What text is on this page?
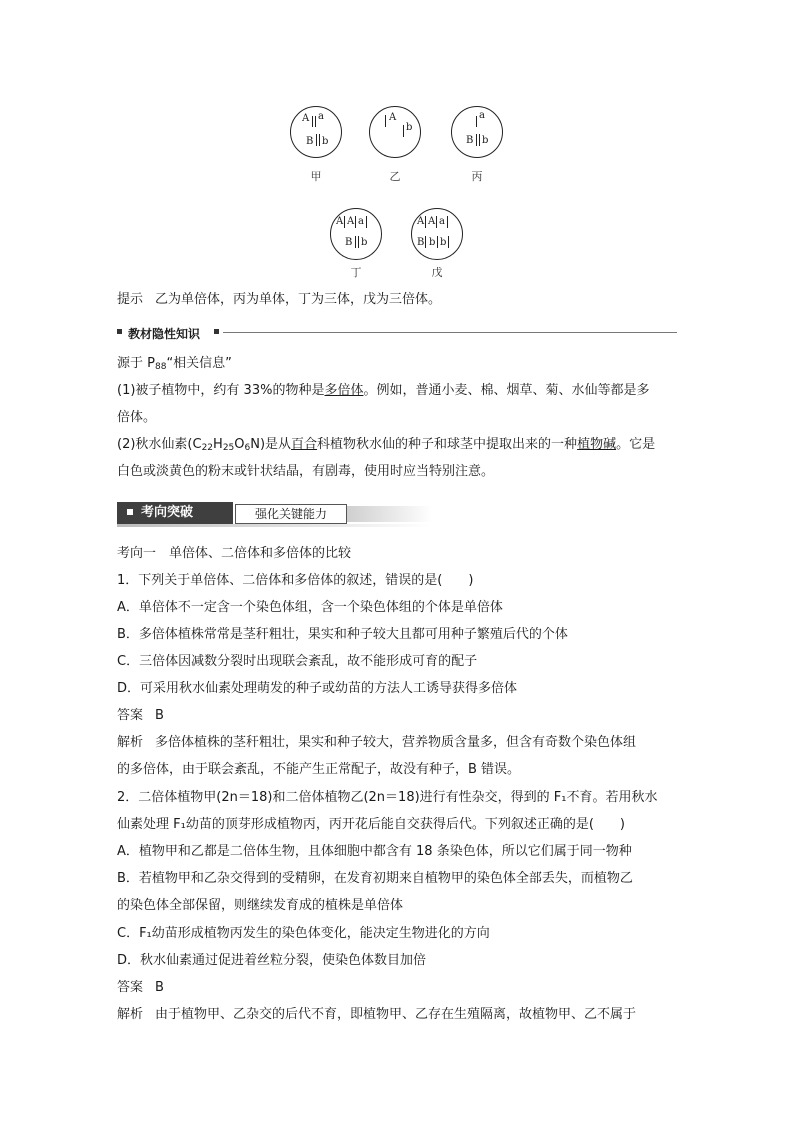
A a
B b
甲
A
b
乙
a
B b
丙
A A a
B b
丁
A A a
B b b
戊
提示 乙为单倍体，丙为单体，丁为三体，戊为三倍体。
教材隐性知识
源于 $P_{88}“$相关信息”
(1)被子植物中，约有 33%的物种是多倍体。例如，普通小麦、棉、烟草、菊、水仙等都是多
倍体。
(2)秋水仙素$(C_{22}H_{25}O_6N)$是从百合科植物秋水仙的种子和球茎中提取出来的一种植物碱。它是
白色或淡黄色的粉末或针状结晶，有剧毒，使用时应当特别注意。
考向突破	强化关键能力
考向一　单倍体、二倍体和多倍体的比较
1．下列关于单倍体、二倍体和多倍体的叙述，错误的是(　　)
A．单倍体不一定含一个染色体组，含一个染色体组的个体是单倍体
B．多倍体植株常常是茎秆粗壮，果实和种子较大且都可用种子繁殖后代的个体
C．三倍体因减数分裂时出现联会紊乱，故不能形成可育的配子
D．可采用秋水仙素处理萌发的种子或幼苗的方法人工诱导获得多倍体
答案 B
解析 多倍体植株的茎秆粗壮，果实和种子较大，营养物质含量多，但含有奇数个染色体组
的多倍体，由于联会紊乱，不能产生正常配子，故没有种子，B 错误。
2．二倍体植物甲(2n＝18)和二倍体植物乙(2n＝18)进行有性杂交，得到的 F₁不育。若用秋水
仙素处理 F₁幼苗的顶芽形成植物丙，丙开花后能自交获得后代。下列叙述正确的是(　　)
A．植物甲和乙都是二倍体生物，且体细胞中都含有 18 条染色体，所以它们属于同一物种
B．若植物甲和乙杂交得到的受精卵，在发育初期来自植物甲的染色体全部丢失，而植物乙
的染色体全部保留，则继续发育成的植株是单倍体
C．F₁幼苗形成植物丙发生的染色体变化，能决定生物进化的方向
D．秋水仙素通过促进着丝粒分裂，使染色体数目加倍
答案 B
解析 由于植物甲、乙杂交的后代不育，即植物甲、乙存在生殖隔离，故植物甲、乙不属于
